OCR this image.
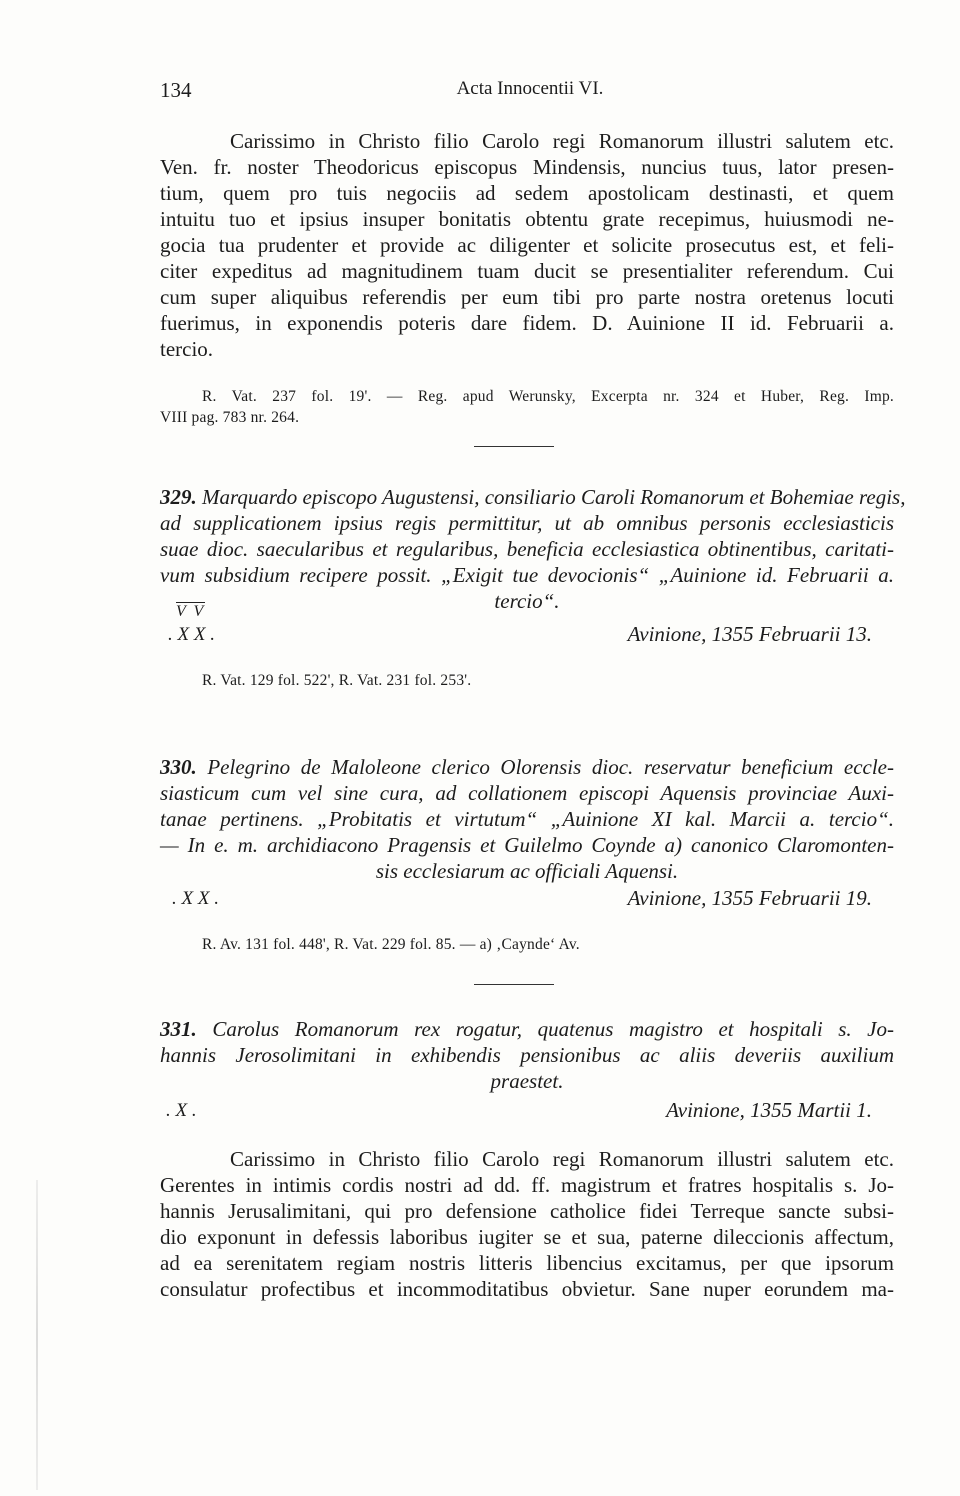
134	Acta Innocentii VI.
Carissimo in Christo filio Carolo regi Romanorum illustri salutem etc.
Ven. fr. noster Theodoricus episcopus Mindensis, nuncius tuus, lator presen-
tium, quem pro tuis negociis ad sedem apostolicam destinasti, et quem
intuitu tuo et ipsius insuper bonitatis obtentu grate recepimus, huiusmodi ne-
gocia tua prudenter et provide ac diligenter et solicite prosecutus est, et feli-
citer expeditus ad magnitudinem tuam ducit se presentialiter referendum. Cui
cum super aliquibus referendis per eum tibi pro parte nostra oretenus locuti
fuerimus, in exponendis poteris dare fidem. D. Auinione II id. Februarii a.
tercio.
R. Vat. 237 fol. 19'. — Reg. apud Werunsky, Excerpta nr. 324 et Huber, Reg. Imp.
VIII pag. 783 nr. 264.
329. Marquardo episcopo Augustensi, consiliario Caroli Romanorum et Bohemiae regis,
ad supplicationem ipsius regis permittitur, ut ab omnibus personis ecclesiasticis
suae dioc. saecularibus et regularibus, beneficia ecclesiastica obtinentibus, caritati-
vum subsidium recipere possit. „Exigit tue devocionis“ „Auinione id. Februarii a.
tercio“.
V V
. X X .	Avinione, 1355 Februarii 13.
R. Vat. 129 fol. 522', R. Vat. 231 fol. 253'.
330. Pelegrino de Maloleone clerico Olorensis dioc. reservatur beneficium eccle-
siasticum cum vel sine cura, ad collationem episcopi Aquensis provinciae Auxi-
tanae pertinens. „Probitatis et virtutum“ „Auinione XI kal. Marcii a. tercio“.
— In e. m. archidiacono Pragensis et Guilelmo Coynde a) canonico Claromonten-
sis ecclesiarum ac officiali Aquensi.
. X X .	Avinione, 1355 Februarii 19.
R. Av. 131 fol. 448', R. Vat. 229 fol. 85. — a) ‚Caynde‘ Av.
331. Carolus Romanorum rex rogatur, quatenus magistro et hospitali s. Jo-
hannis Jerosolimitani in exhibendis pensionibus ac aliis deveriis auxilium
praestet.
. X .	Avinione, 1355 Martii 1.
Carissimo in Christo filio Carolo regi Romanorum illustri salutem etc.
Gerentes in intimis cordis nostri ad dd. ff. magistrum et fratres hospitalis s. Jo-
hannis Jerusalimitani, qui pro defensione catholice fidei Terreque sancte subsi-
dio exponunt in defessis laboribus iugiter se et sua, paterne dileccionis affectum,
ad ea serenitatem regiam nostris litteris libencius excitamus, per que ipsorum
consulatur profectibus et incommoditatibus obvietur. Sane nuper eorundem ma-
